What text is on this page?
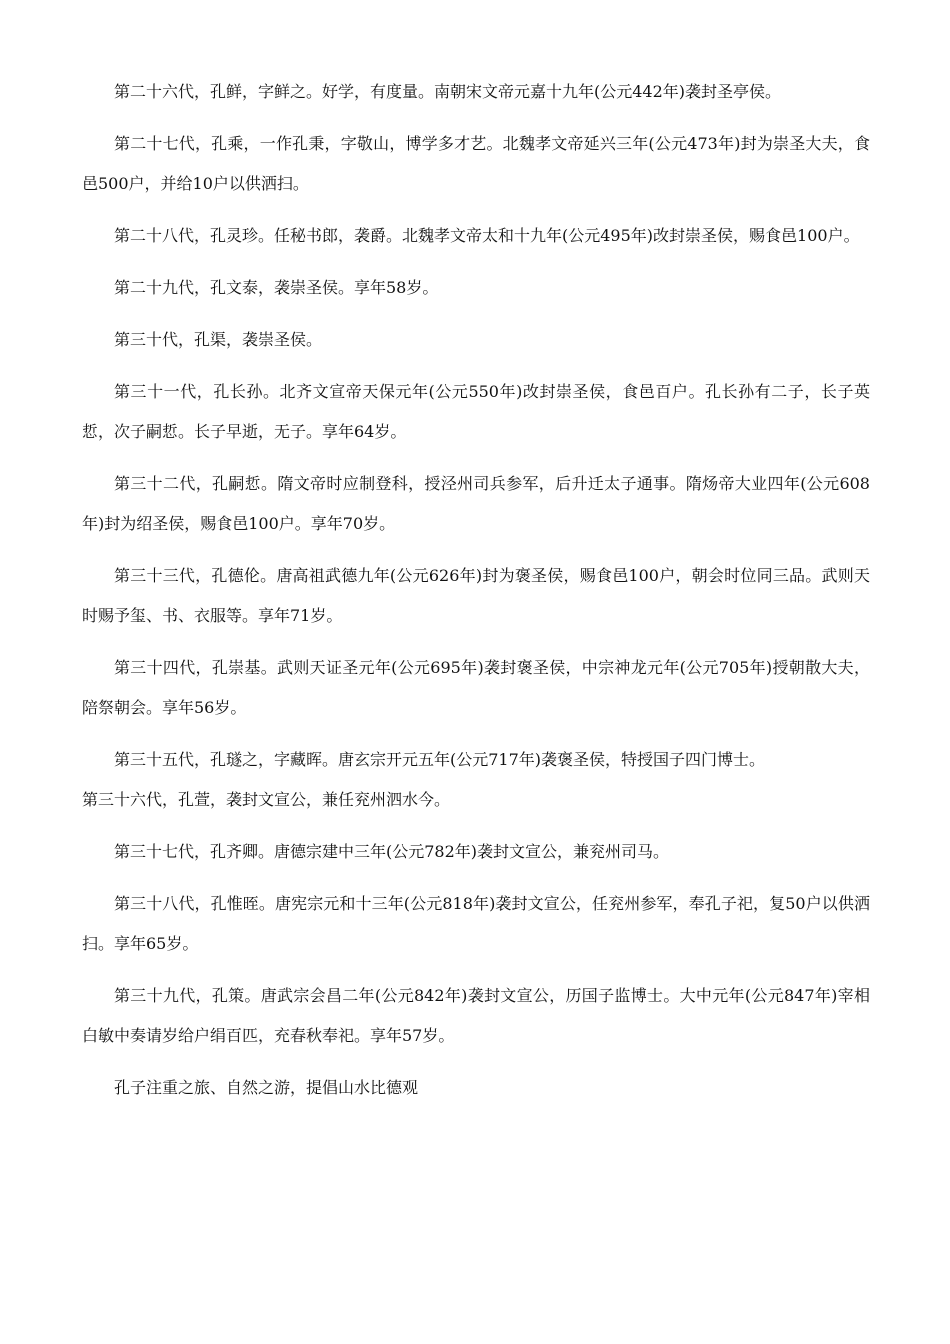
第二十六代，孔鲜，字鲜之。好学，有度量。南朝宋文帝元嘉十九年(公元442年)袭封圣亭侯。

第二十七代，孔乘，一作孔秉，字敬山，博学多才艺。北魏孝文帝延兴三年(公元473年)封为崇圣大夫，食邑500户，并给10户以供洒扫。

第二十八代，孔灵珍。任秘书郎，袭爵。北魏孝文帝太和十九年(公元495年)改封崇圣侯，赐食邑100户。

第二十九代，孔文泰，袭崇圣侯。享年58岁。

第三十代，孔渠，袭崇圣侯。

第三十一代，孔长孙。北齐文宣帝天保元年(公元550年)改封崇圣侯，食邑百户。孔长孙有二子，长子英悊，次子嗣悊。长子早逝，无子。享年64岁。

第三十二代，孔嗣悊。隋文帝时应制登科，授泾州司兵参军，后升迁太子通事。隋炀帝大业四年(公元608年)封为绍圣侯，赐食邑100户。享年70岁。

第三十三代，孔德伦。唐高祖武德九年(公元626年)封为褒圣侯，赐食邑100户，朝会时位同三品。武则天时赐予玺、书、衣服等。享年71岁。

第三十四代，孔崇基。武则天证圣元年(公元695年)袭封褒圣侯，中宗神龙元年(公元705年)授朝散大夫，陪祭朝会。享年56岁。

第三十五代，孔璲之，字藏晖。唐玄宗开元五年(公元717年)袭褒圣侯，特授国子四门博士。

第三十六代，孔萱，袭封文宣公，兼任兖州泗水今。

第三十七代，孔齐卿。唐德宗建中三年(公元782年)袭封文宣公，兼兖州司马。

第三十八代，孔惟晊。唐宪宗元和十三年(公元818年)袭封文宣公，任兖州参军，奉孔子祀，复50户以供洒扫。享年65岁。

第三十九代，孔策。唐武宗会昌二年(公元842年)袭封文宣公，历国子监博士。大中元年(公元847年)宰相白敏中奏请岁给户绢百匹，充春秋奉祀。享年57岁。

孔子注重之旅、自然之游，提倡山水比德观
